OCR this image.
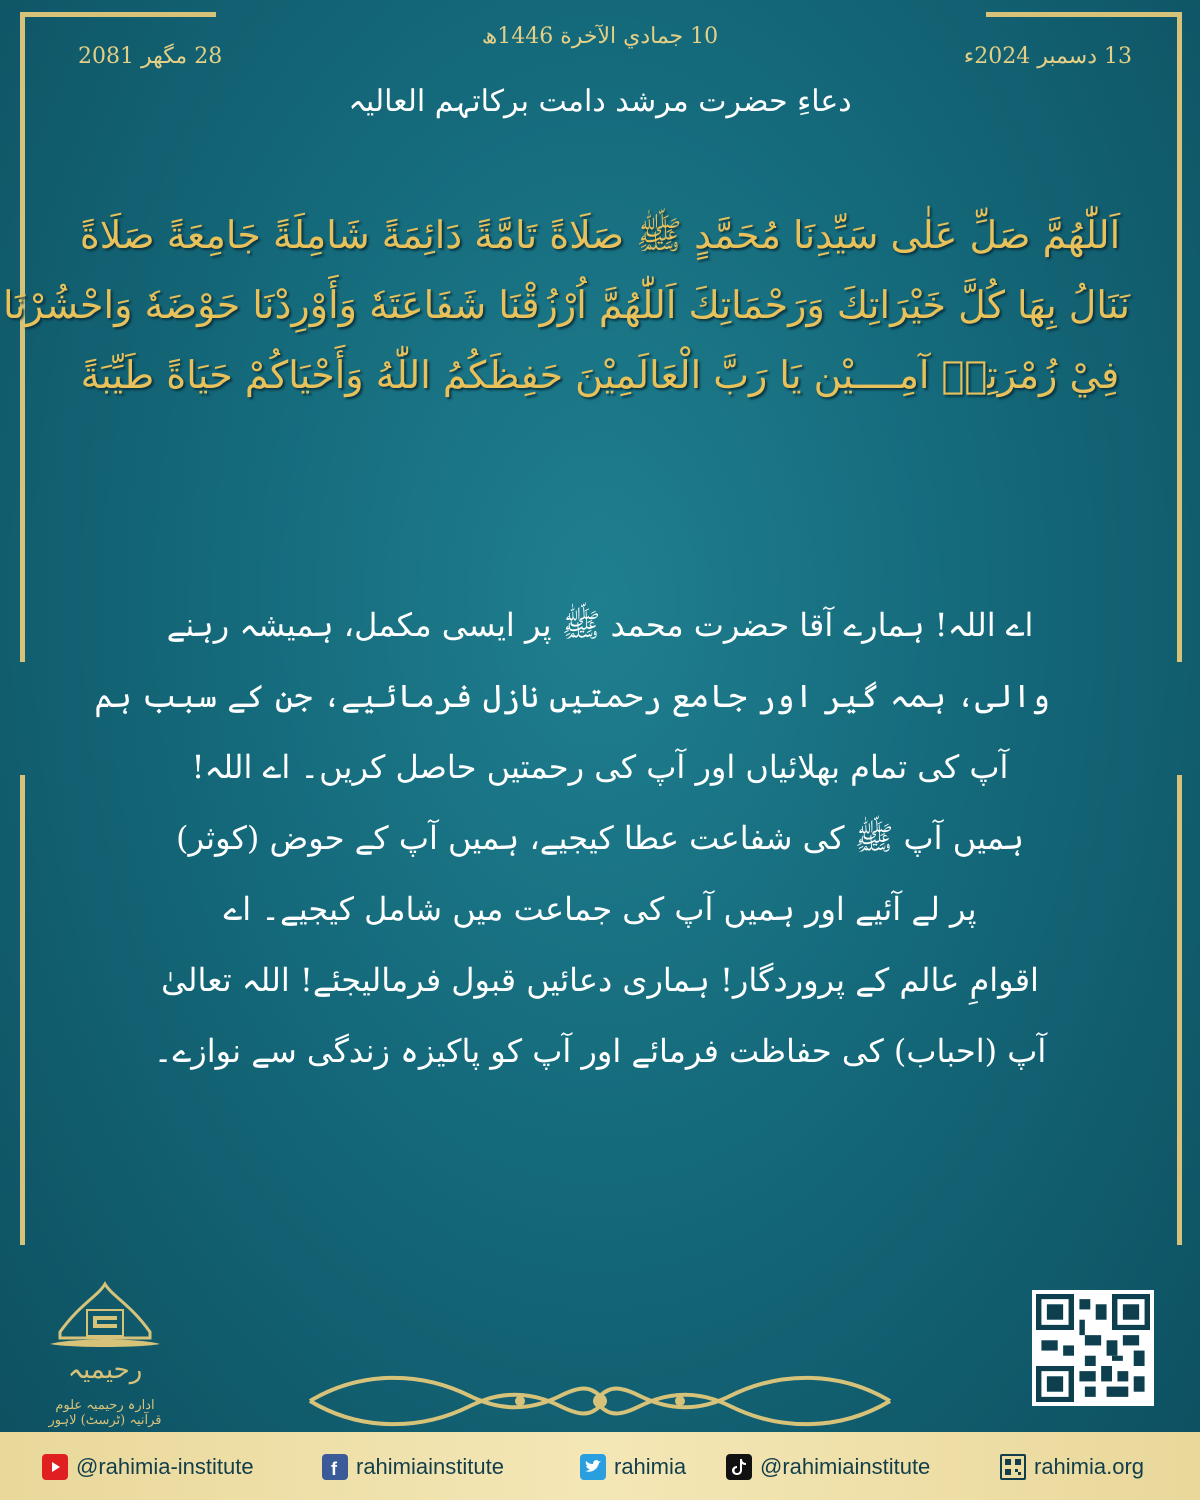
13 دسمبر 2024ء
28 مگھر 2081
10 جمادي الآخرة 1446ھ
دعاءِ حضرت مرشد دامت برکاتہم العالیہ
اَللّٰهُمَّ صَلِّ عَلٰى سَيِّدِنَا مُحَمَّدٍ ﷺ صَلَاةً تَامَّةً دَائِمَةً شَامِلَةً جَامِعَةً صَلَاةً
نَنَالُ بِهَا كُلَّ خَيْرَاتِكَ وَرَحْمَاتِكَ اَللّٰهُمَّ اُرْزُقْنَا شَفَاعَتَهٗ وَأَوْرِدْنَا حَوْضَهٗ وَاحْشُرْنَا
فِيْ زُمْرَتِهٖ آمِــــيْن يَا رَبَّ الْعَالَمِيْنَ حَفِظَكُمُ اللّٰهُ وَأَحْيَاكُمْ حَيَاةً طَيِّبَةً
اے اللہ! ہمارے آقا حضرت محمد ﷺ پر ایسی مکمل، ہمیشہ رہنے
والی، ہمہ گیر اور جامع رحمتیں نازل فرمائیے، جن کے سبب ہم
آپ کی تمام بھلائیاں اور آپ کی رحمتیں حاصل کریں۔ اے اللہ!
ہمیں آپ ﷺ کی شفاعت عطا کیجیے، ہمیں آپ کے حوض (کوثر)
پر لے آئیے اور ہمیں آپ کی جماعت میں شامل کیجیے۔ اے
اقوامِ عالم کے پروردگار! ہماری دعائیں قبول فرمالیجئے! اللہ تعالیٰ
آپ (احباب) کی حفاظت فرمائے اور آپ کو پاکیزہ زندگی سے نوازے۔
رحیمیہ
ادارہ رحیمیہ علوم قرآنیہ (ٹرسٹ) لاہور
@rahimia-institute	f rahimiainstitute	rahimia	@rahimiainstitute	rahimia.org
